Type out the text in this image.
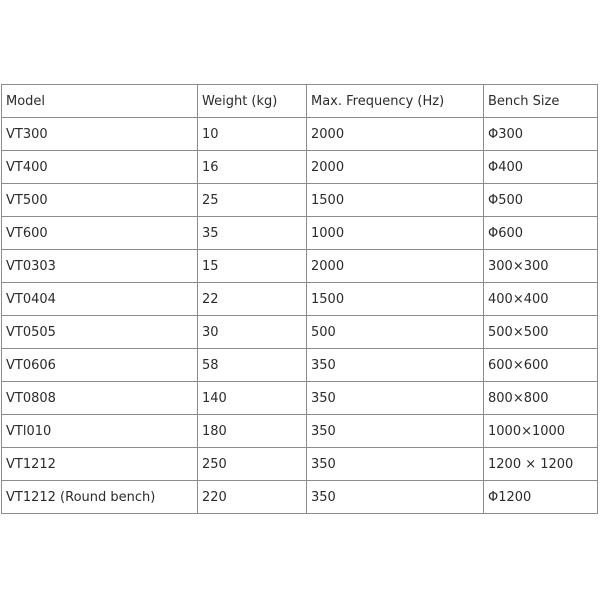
Model	Weight (kg)	Max. Frequency (Hz)	Bench Size
VT300	10	2000	Φ300
VT400	16	2000	Φ400
VT500	25	1500	Φ500
VT600	35	1000	Φ600
VT0303	15	2000	300×300
VT0404	22	1500	400×400
VT0505	30	500	500×500
VT0606	58	350	600×600
VT0808	140	350	800×800
VTl010	180	350	1000×1000
VT1212	250	350	1200 × 1200
VT1212 (Round bench)	220	350	Φ1200
